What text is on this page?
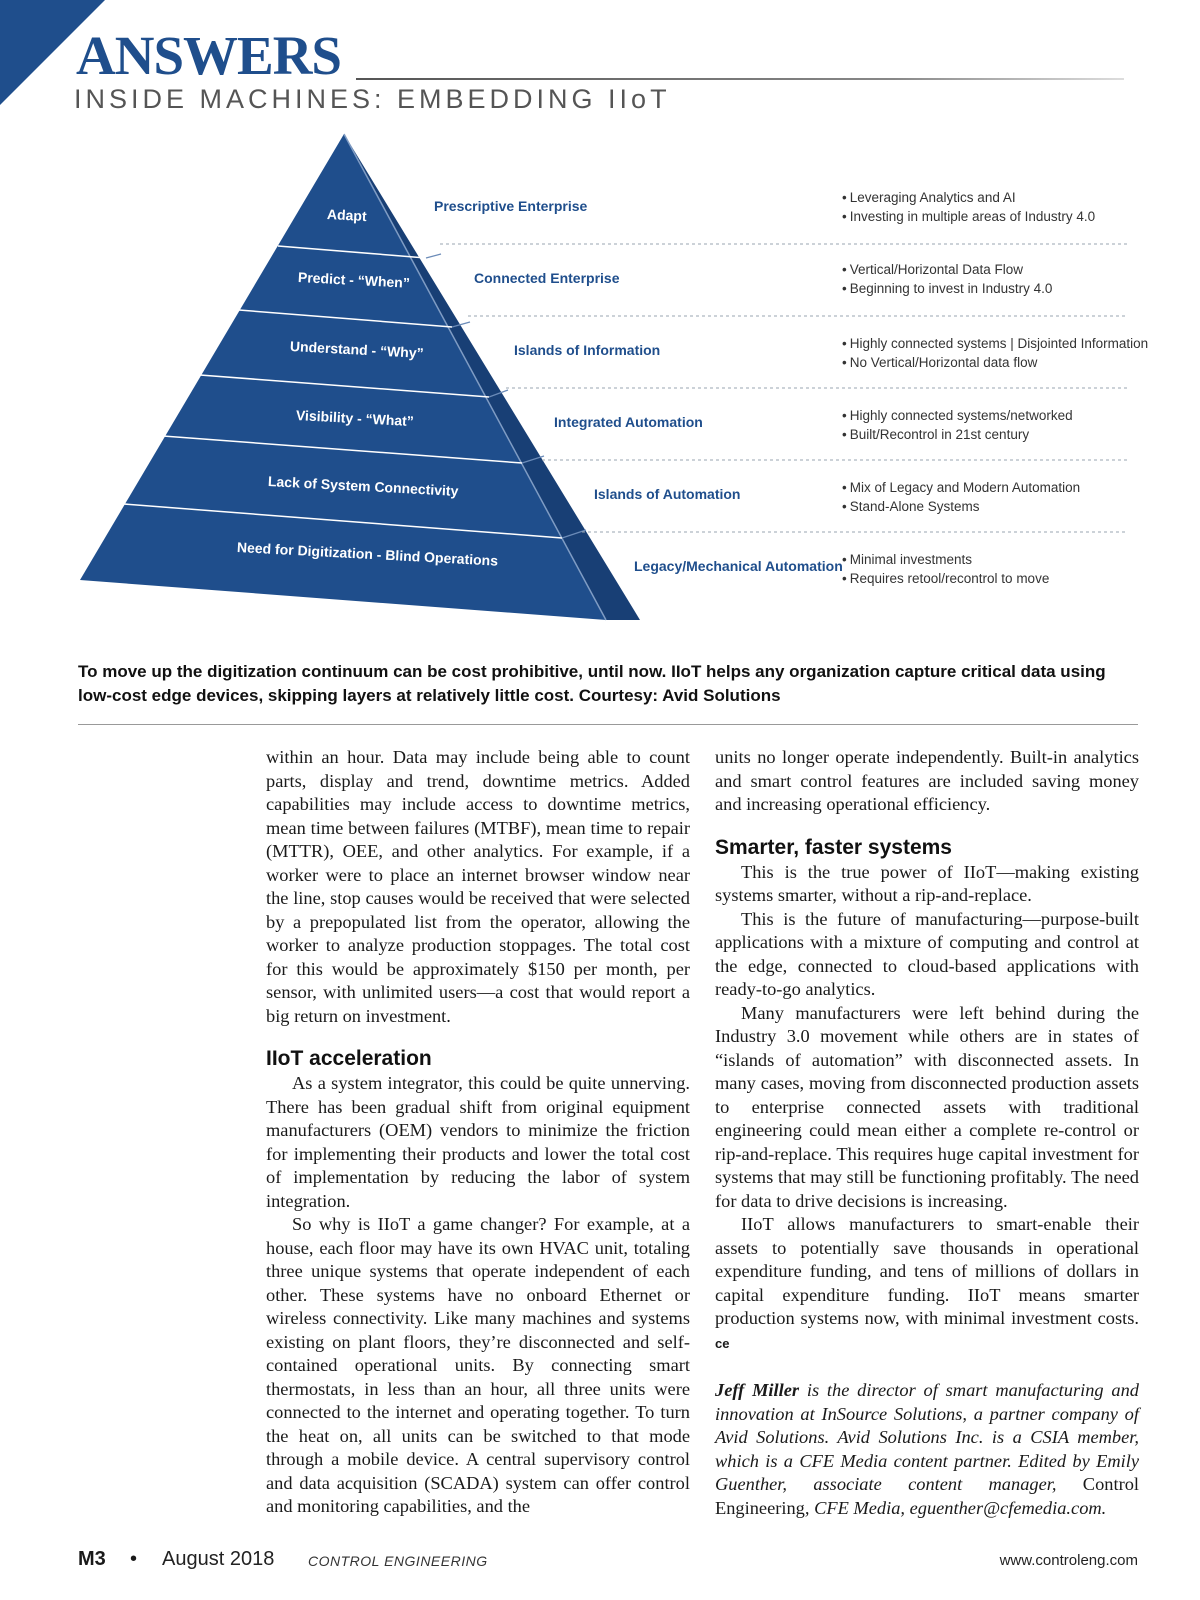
ANSWERS
INSIDE MACHINES: EMBEDDING IIoT
Adapt
Predict - “When”
Understand - “Why”
Visibility - “What”
Lack of System Connectivity
Need for Digitization - Blind Operations
Prescriptive Enterprise
Connected Enterprise
Islands of Information
Integrated Automation
Islands of Automation
Legacy/Mechanical Automation
• Leveraging Analytics and AI
• Investing in multiple areas of Industry 4.0
• Vertical/Horizontal Data Flow
• Beginning to invest in Industry 4.0
• Highly connected systems | Disjointed Information
• No Vertical/Horizontal data flow
• Highly connected systems/networked
• Built/Recontrol in 21st century
• Mix of Legacy and Modern Automation
• Stand-Alone Systems
• Minimal investments
• Requires retool/recontrol to move
To move up the digitization continuum can be cost prohibitive, until now. IIoT helps any organization capture critical data using low-cost edge devices, skipping layers at relatively little cost. Courtesy: Avid Solutions

within an hour. Data may include being able to count parts, display and trend, downtime metrics. Added capabilities may include access to downtime metrics, mean time between failures (MTBF), mean time to repair (MTTR), OEE, and other analytics. For example, if a worker were to place an internet browser window near the line, stop causes would be received that were selected by a prepopulated list from the operator, allowing the worker to analyze production stoppages. The total cost for this would be approximately $150 per month, per sensor, with unlimited users—a cost that would report a big return on investment.

IIoT acceleration

As a system integrator, this could be quite unnerving. There has been gradual shift from original equipment manufacturers (OEM) vendors to minimize the friction for implementing their products and lower the total cost of implementation by reducing the labor of system integration.

So why is IIoT a game changer? For example, at a house, each floor may have its own HVAC unit, totaling three unique systems that operate independent of each other. These systems have no onboard Ethernet or wireless connectivity. Like many machines and systems existing on plant floors, they’re disconnected and self-contained operational units. By connecting smart thermostats, in less than an hour, all three units were connected to the internet and operating together. To turn the heat on, all units can be switched to that mode through a mobile device. A central supervisory control and data acquisition (SCADA) system can offer control and monitoring capabilities, and the

units no longer operate independently. Built-in analytics and smart control features are included saving money and increasing operational efficiency.

Smarter, faster systems

This is the true power of IIoT—making existing systems smarter, without a rip-and-replace.

This is the future of manufacturing—purpose-built applications with a mixture of computing and control at the edge, connected to cloud-based applications with ready-to-go analytics.

Many manufacturers were left behind during the Industry 3.0 movement while others are in states of “islands of automation” with disconnected assets. In many cases, moving from disconnected production assets to enterprise connected assets with traditional engineering could mean either a complete re-control or rip-and-replace. This requires huge capital investment for systems that may still be functioning profitably. The need for data to drive decisions is increasing.

IIoT allows manufacturers to smart-enable their assets to potentially save thousands in operational expenditure funding, and tens of millions of dollars in capital expenditure funding. IIoT means smarter production systems now, with minimal investment costs. ce

Jeff Miller is the director of smart manufacturing and innovation at InSource Solutions, a partner company of Avid Solutions. Avid Solutions Inc. is a CSIA member, which is a CFE Media content partner. Edited by Emily Guenther, associate content manager, Control Engineering, CFE Media, eguenther@cfemedia.com.

M3 • August 2018 CONTROL ENGINEERING	www.controleng.com
